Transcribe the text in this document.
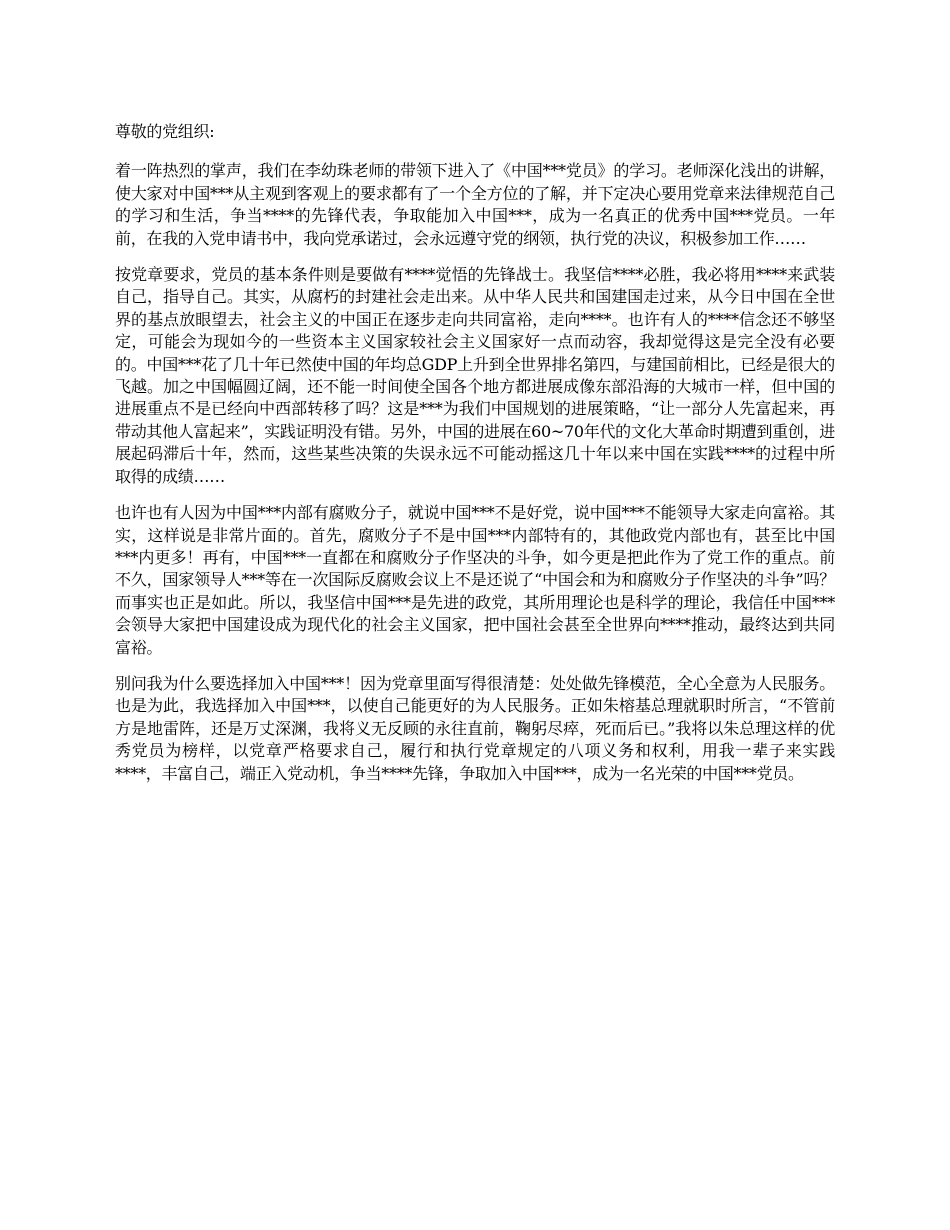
尊敬的党组织:

着一阵热烈的掌声，我们在李幼珠老师的带领下进入了《中国***党员》的学习。老师深化浅出的讲解，使大家对中国***从主观到客观上的要求都有了一个全方位的了解，并下定决心要用党章来法律规范自己的学习和生活，争当****的先锋代表，争取能加入中国***，成为一名真正的优秀中国***党员。一年前，在我的入党申请书中，我向党承诺过，会永远遵守党的纲领，执行党的决议，积极参加工作……

按党章要求，党员的基本条件则是要做有****觉悟的先锋战士。我坚信****必胜，我必将用****来武装自己，指导自己。其实，从腐朽的封建社会走出来。从中华人民共和国建国走过来，从今日中国在全世界的基点放眼望去，社会主义的中国正在逐步走向共同富裕，走向****。也许有人的****信念还不够坚定，可能会为现如今的一些资本主义国家较社会主义国家好一点而动容，我却觉得这是完全没有必要的。中国***花了几十年已然使中国的年均总GDP上升到全世界排名第四，与建国前相比，已经是很大的飞越。加之中国幅圆辽阔，还不能一时间使全国各个地方都进展成像东部沿海的大城市一样，但中国的进展重点不是已经向中西部转移了吗？这是***为我们中国规划的进展策略，“让一部分人先富起来，再带动其他人富起来”，实践证明没有错。另外，中国的进展在60~70年代的文化大革命时期遭到重创，进展起码滞后十年，然而，这些某些决策的失误永远不可能动摇这几十年以来中国在实践****的过程中所取得的成绩……

也许也有人因为中国***内部有腐败分子，就说中国***不是好党，说中国***不能领导大家走向富裕。其实，这样说是非常片面的。首先，腐败分子不是中国***内部特有的，其他政党内部也有，甚至比中国***内更多！再有，中国***一直都在和腐败分子作坚决的斗争，如今更是把此作为了党工作的重点。前不久，国家领导人***等在一次国际反腐败会议上不是还说了“中国会和为和腐败分子作坚决的斗争”吗？而事实也正是如此。所以，我坚信中国***是先进的政党，其所用理论也是科学的理论，我信任中国***会领导大家把中国建设成为现代化的社会主义国家，把中国社会甚至全世界向****推动，最终达到共同富裕。

别问我为什么要选择加入中国***！因为党章里面写得很清楚：处处做先锋模范，全心全意为人民服务。也是为此，我选择加入中国***，以使自己能更好的为人民服务。正如朱榕基总理就职时所言，“不管前方是地雷阵，还是万丈深渊，我将义无反顾的永往直前，鞠躬尽瘁，死而后已。”我将以朱总理这样的优秀党员为榜样，以党章严格要求自己，履行和执行党章规定的八项义务和权利，用我一辈子来实践****，丰富自己，端正入党动机，争当****先锋，争取加入中国***，成为一名光荣的中国***党员。
